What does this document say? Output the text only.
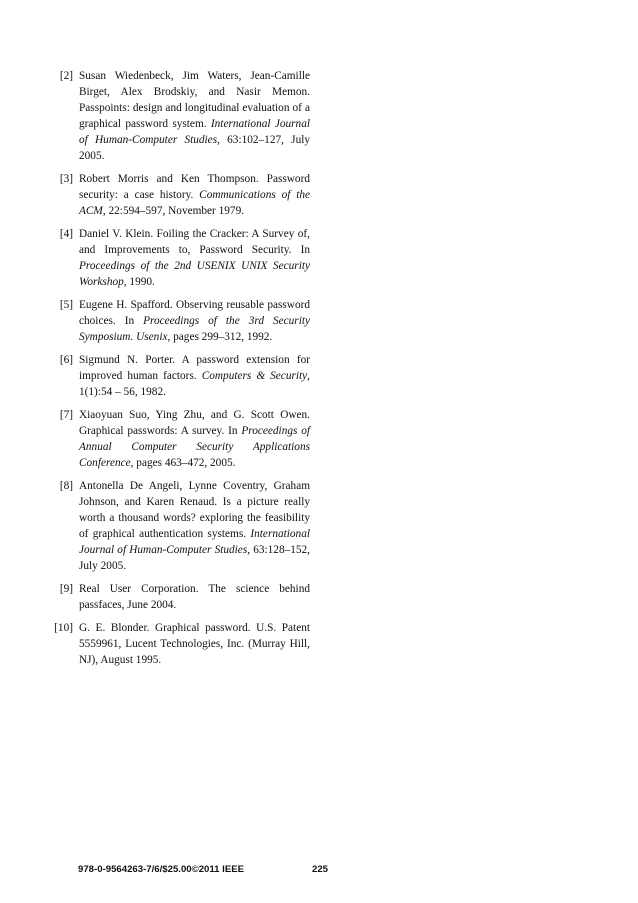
[2] Susan Wiedenbeck, Jim Waters, Jean-Camille Birget, Alex Brodskiy, and Nasir Memon. Passpoints: design and longitudinal evaluation of a graphical password system. International Journal of Human-Computer Studies, 63:102–127, July 2005.
[3] Robert Morris and Ken Thompson. Password security: a case history. Communications of the ACM, 22:594–597, November 1979.
[4] Daniel V. Klein. Foiling the Cracker: A Survey of, and Improvements to, Password Security. In Proceedings of the 2nd USENIX UNIX Security Workshop, 1990.
[5] Eugene H. Spafford. Observing reusable password choices. In Proceedings of the 3rd Security Symposium. Usenix, pages 299–312, 1992.
[6] Sigmund N. Porter. A password extension for improved human factors. Computers & Security, 1(1):54 – 56, 1982.
[7] Xiaoyuan Suo, Ying Zhu, and G. Scott Owen. Graphical passwords: A survey. In Proceedings of Annual Computer Security Applications Conference, pages 463–472, 2005.
[8] Antonella De Angeli, Lynne Coventry, Graham Johnson, and Karen Renaud. Is a picture really worth a thousand words? exploring the feasibility of graphical authentication systems. International Journal of Human-Computer Studies, 63:128–152, July 2005.
[9] Real User Corporation. The science behind passfaces, June 2004.
[10] G. E. Blonder. Graphical password. U.S. Patent 5559961, Lucent Technologies, Inc. (Murray Hill, NJ), August 1995.
978-0-9564263-7/6/$25.00©2011 IEEE	225
